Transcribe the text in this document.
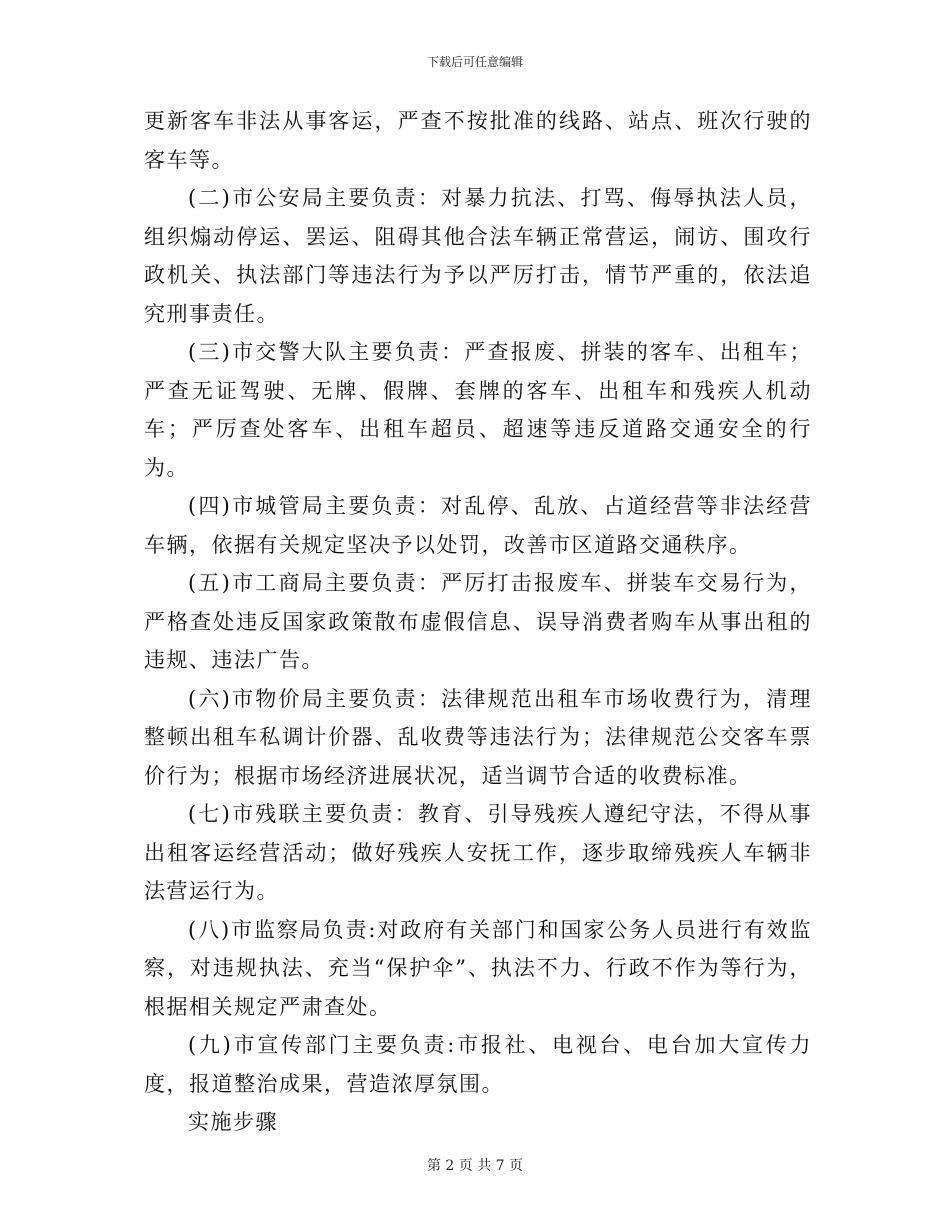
下载后可任意编辑

更新客车非法从事客运，严查不按批准的线路、站点、班次行驶的客车等。

(二)市公安局主要负责：对暴力抗法、打骂、侮辱执法人员，组织煽动停运、罢运、阻碍其他合法车辆正常营运，闹访、围攻行政机关、执法部门等违法行为予以严厉打击，情节严重的，依法追究刑事责任。

(三)市交警大队主要负责：严查报废、拼装的客车、出租车；严查无证驾驶、无牌、假牌、套牌的客车、出租车和残疾人机动车；严厉查处客车、出租车超员、超速等违反道路交通安全的行为。

(四)市城管局主要负责：对乱停、乱放、占道经营等非法经营车辆，依据有关规定坚决予以处罚，改善市区道路交通秩序。

(五)市工商局主要负责：严厉打击报废车、拼装车交易行为，严格查处违反国家政策散布虚假信息、误导消费者购车从事出租的违规、违法广告。

(六)市物价局主要负责：法律规范出租车市场收费行为，清理整顿出租车私调计价器、乱收费等违法行为；法律规范公交客车票价行为；根据市场经济进展状况，适当调节合适的收费标准。

(七)市残联主要负责：教育、引导残疾人遵纪守法，不得从事出租客运经营活动；做好残疾人安抚工作，逐步取缔残疾人车辆非法营运行为。

(八)市监察局负责:对政府有关部门和国家公务人员进行有效监察，对违规执法、充当“保护伞”、执法不力、行政不作为等行为，根据相关规定严肃查处。

(九)市宣传部门主要负责:市报社、电视台、电台加大宣传力度，报道整治成果，营造浓厚氛围。

实施步骤

第 2 页 共 7 页
